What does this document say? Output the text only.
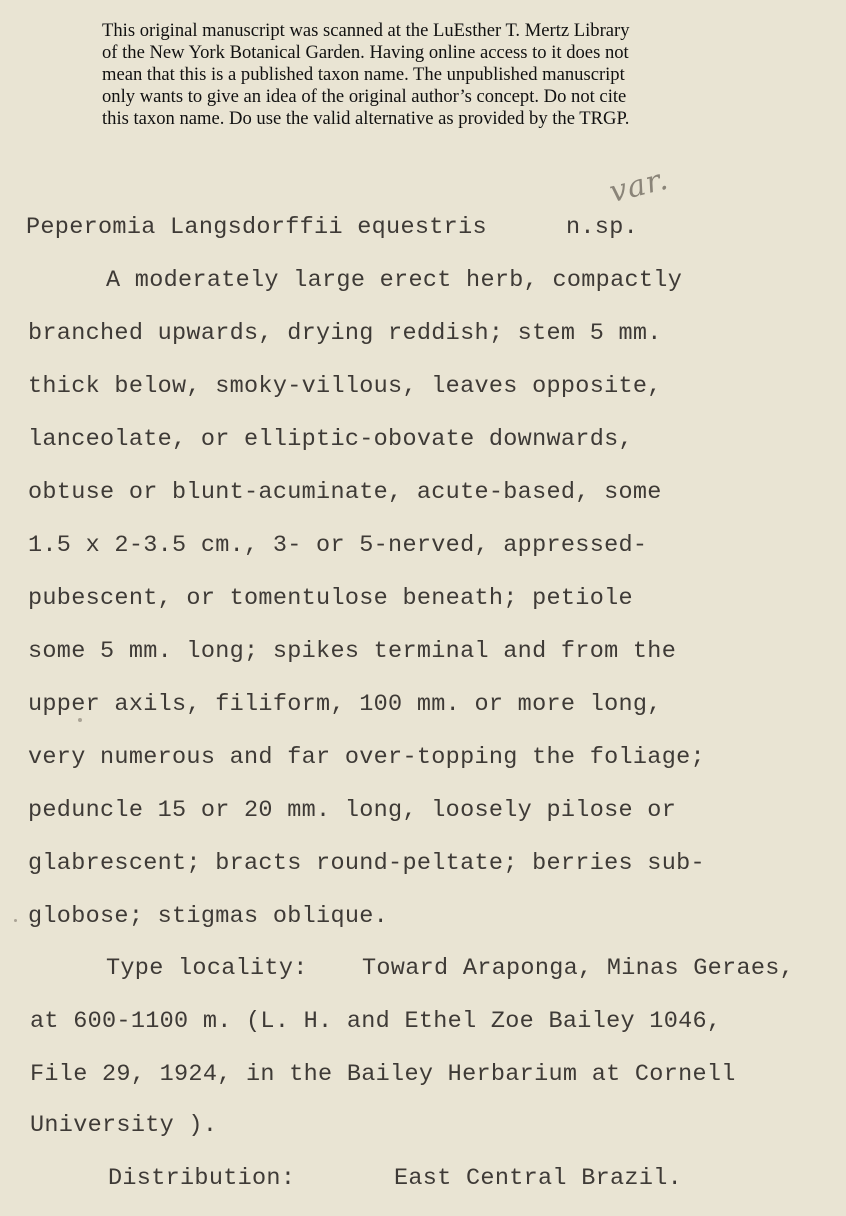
This original manuscript was scanned at the LuEsther T. Mertz Library
of the New York Botanical Garden. Having online access to it does not
mean that this is a published taxon name. The unpublished manuscript
only wants to give an idea of the original author’s concept. Do not cite
this taxon name. Do use the valid alternative as provided by the TRGP.
var.
Peperomia Langsdorffii equestris	n.sp.
A moderately large erect herb, compactly
branched upwards, drying reddish; stem 5 mm.
thick below, smoky-villous, leaves opposite,
lanceolate, or elliptic-obovate downwards,
obtuse or blunt-acuminate, acute-based, some
1.5 x 2-3.5 cm., 3- or 5-nerved, appressed-
pubescent, or tomentulose beneath; petiole
some 5 mm. long; spikes terminal and from the
upper axils, filiform, 100 mm. or more long,
very numerous and far over-topping the foliage;
peduncle 15 or 20 mm. long, loosely pilose or
glabrescent; bracts round-peltate; berries sub-
globose; stigmas oblique.
Type locality: Toward Araponga, Minas Geraes,
at 600-1100 m. (L. H. and Ethel Zoe Bailey 1046,
File 29, 1924, in the Bailey Herbarium at Cornell
University ).
Distribution:	East Central Brazil.
